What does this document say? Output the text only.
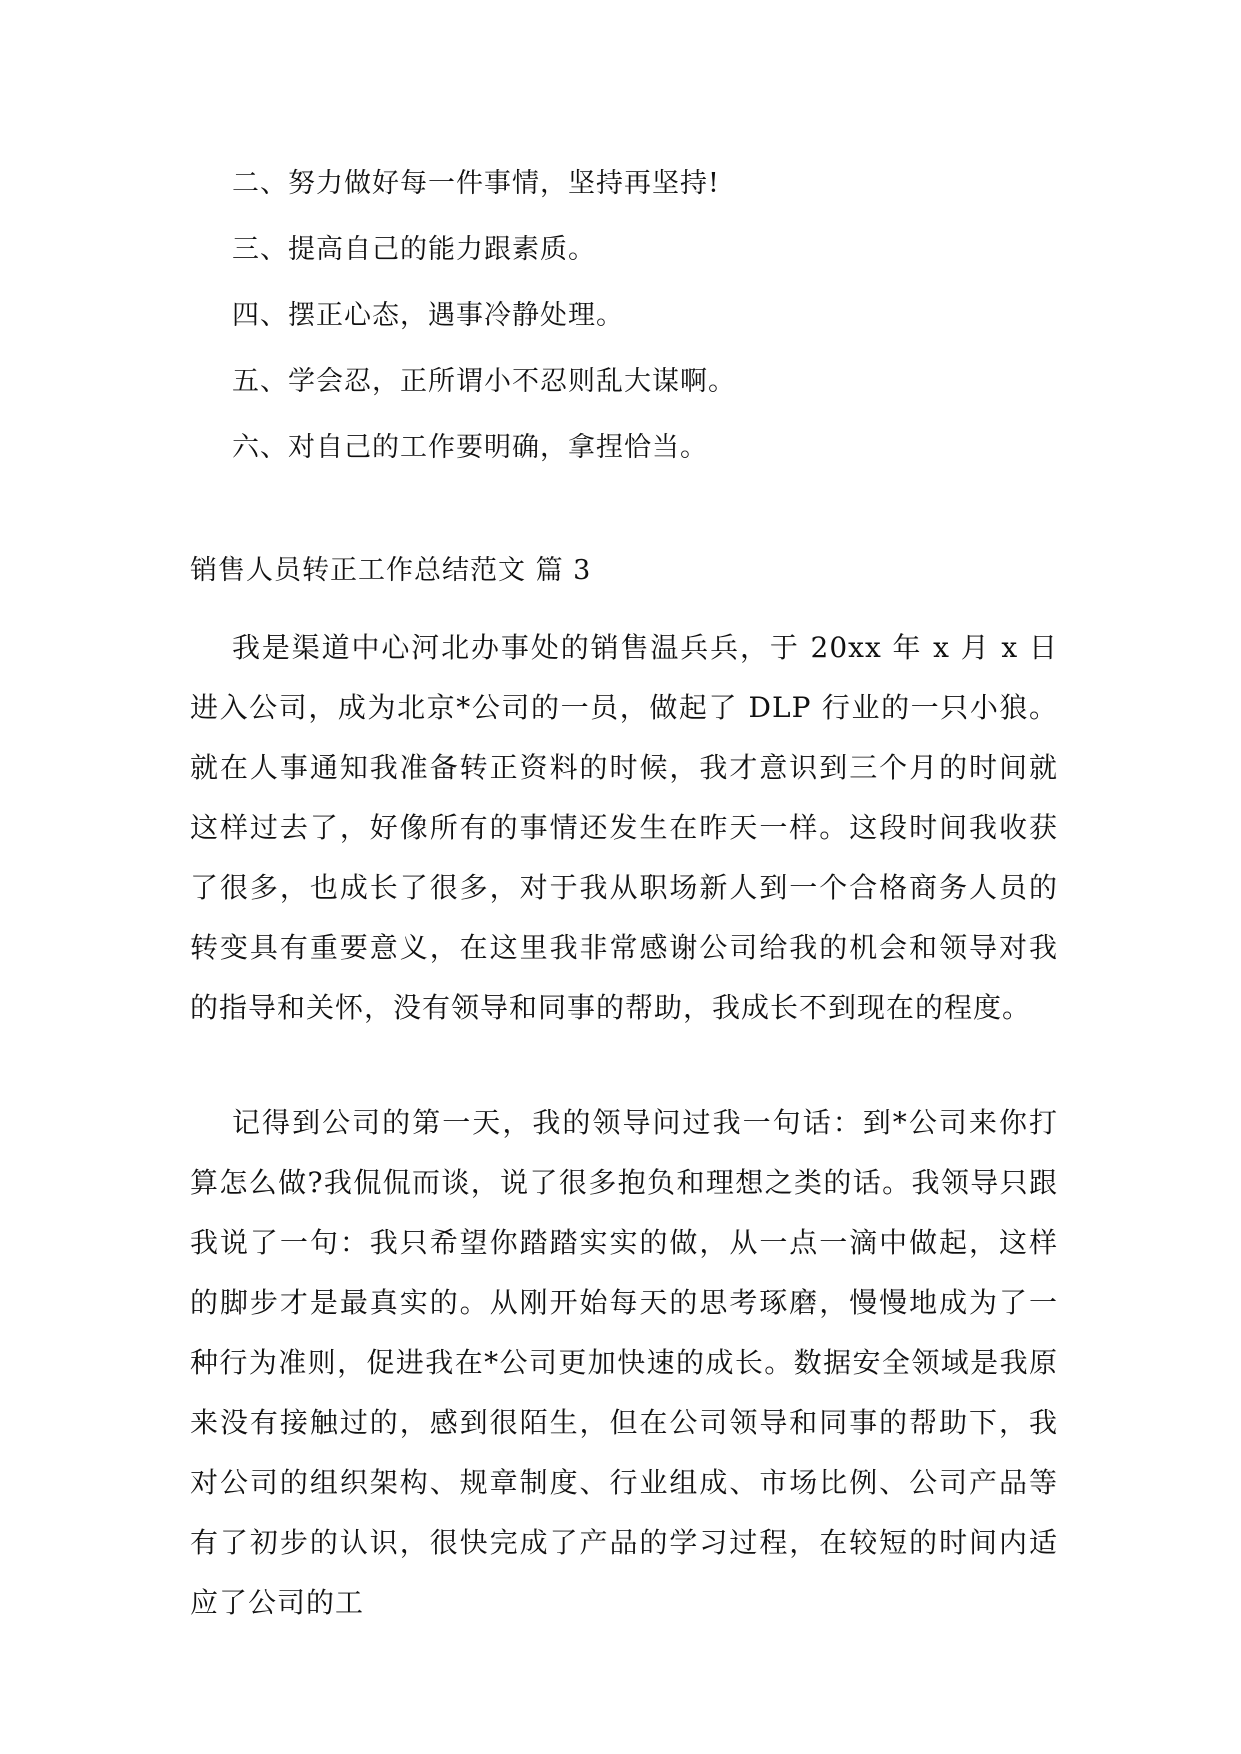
二、努力做好每一件事情，坚持再坚持!
三、提高自己的能力跟素质。
四、摆正心态，遇事冷静处理。
五、学会忍，正所谓小不忍则乱大谋啊。
六、对自己的工作要明确，拿捏恰当。
销售人员转正工作总结范文 篇 3
我是渠道中心河北办事处的销售温兵兵，于 20xx 年 x 月 x 日进入公司，成为北京*公司的一员，做起了 DLP 行业的一只小狼。就在人事通知我准备转正资料的时候，我才意识到三个月的时间就这样过去了，好像所有的事情还发生在昨天一样。这段时间我收获了很多，也成长了很多，对于我从职场新人到一个合格商务人员的转变具有重要意义，在这里我非常感谢公司给我的机会和领导对我的指导和关怀，没有领导和同事的帮助，我成长不到现在的程度。
记得到公司的第一天，我的领导问过我一句话：到*公司来你打算怎么做?我侃侃而谈，说了很多抱负和理想之类的话。我领导只跟我说了一句：我只希望你踏踏实实的做，从一点一滴中做起，这样的脚步才是最真实的。从刚开始每天的思考琢磨，慢慢地成为了一种行为准则，促进我在*公司更加快速的成长。数据安全领域是我原来没有接触过的，感到很陌生，但在公司领导和同事的帮助下，我对公司的组织架构、规章制度、行业组成、市场比例、公司产品等有了初步的认识，很快完成了产品的学习过程，在较短的时间内适应了公司的工
